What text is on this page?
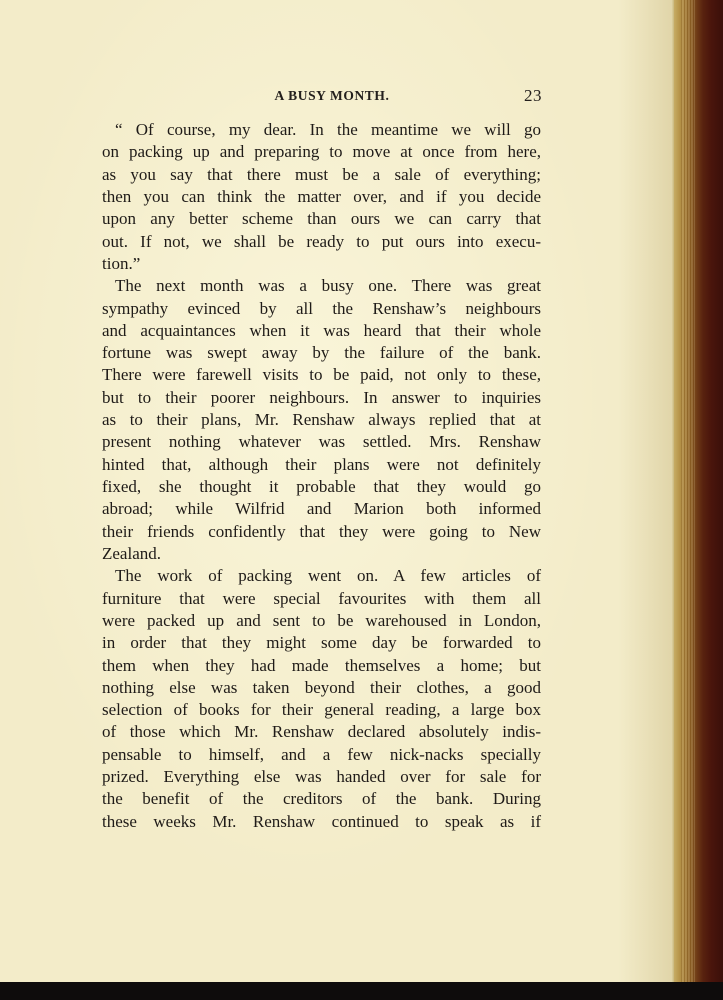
A BUSY MONTH.	23
“ Of course, my dear. In the meantime we will go
on packing up and preparing to move at once from here,
as you say that there must be a sale of everything;
then you can think the matter over, and if you decide
upon any better scheme than ours we can carry that
out. If not, we shall be ready to put ours into execu-
tion.”
The next month was a busy one. There was great
sympathy evinced by all the Renshaw’s neighbours
and acquaintances when it was heard that their whole
fortune was swept away by the failure of the bank.
There were farewell visits to be paid, not only to these,
but to their poorer neighbours. In answer to inquiries
as to their plans, Mr. Renshaw always replied that at
present nothing whatever was settled. Mrs. Renshaw
hinted that, although their plans were not definitely
fixed, she thought it probable that they would go
abroad; while Wilfrid and Marion both informed
their friends confidently that they were going to New
Zealand.
The work of packing went on. A few articles of
furniture that were special favourites with them all
were packed up and sent to be warehoused in London,
in order that they might some day be forwarded to
them when they had made themselves a home; but
nothing else was taken beyond their clothes, a good
selection of books for their general reading, a large box
of those which Mr. Renshaw declared absolutely indis-
pensable to himself, and a few nick-nacks specially
prized. Everything else was handed over for sale for
the benefit of the creditors of the bank. During
these weeks Mr. Renshaw continued to speak as if
